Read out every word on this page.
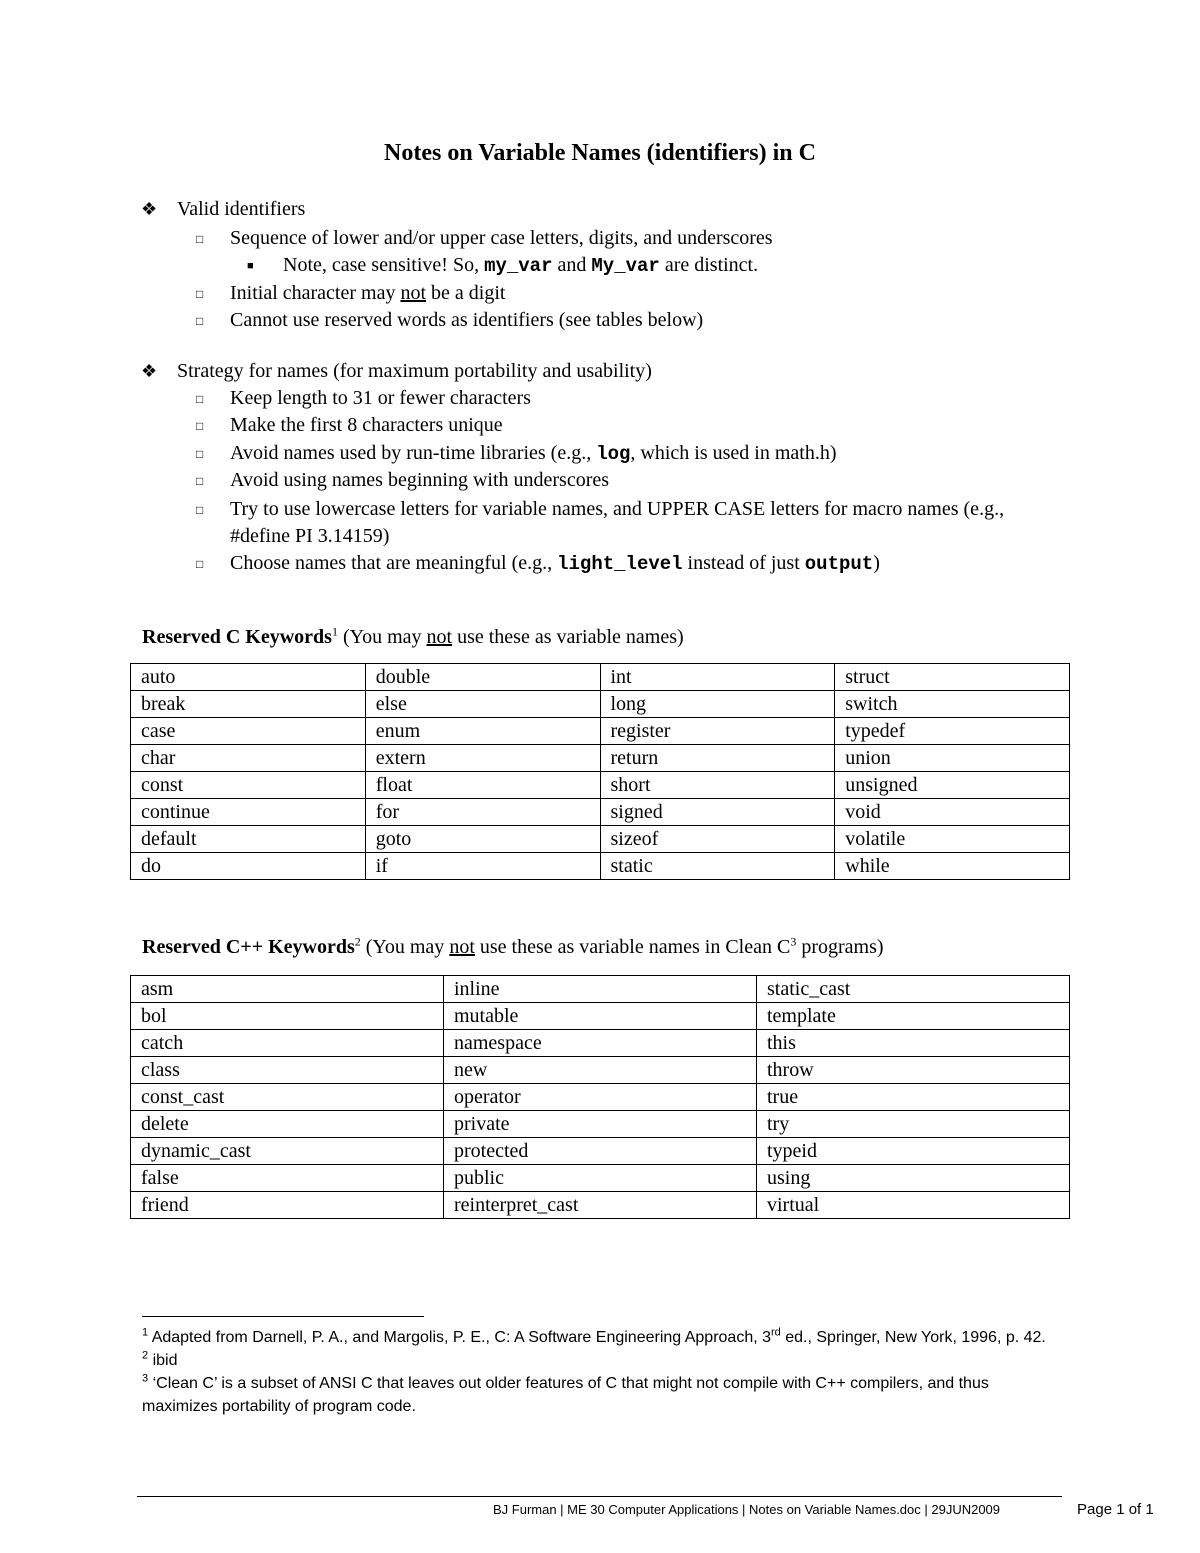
Notes on Variable Names (identifiers) in C
❖ Valid identifiers
□ Sequence of lower and/or upper case letters, digits, and underscores
■ Note, case sensitive! So, my_var and My_var are distinct.
□ Initial character may not be a digit
□ Cannot use reserved words as identifiers (see tables below)
❖ Strategy for names (for maximum portability and usability)
□ Keep length to 31 or fewer characters
□ Make the first 8 characters unique
□ Avoid names used by run-time libraries (e.g., log, which is used in math.h)
□ Avoid using names beginning with underscores
□ Try to use lowercase letters for variable names, and UPPER CASE letters for macro names (e.g., #define PI 3.14159)
□ Choose names that are meaningful (e.g., light_level instead of just output)
Reserved C Keywords$^1$ (You may not use these as variable names)
auto	double	int	struct
break	else	long	switch
case	enum	register	typedef
char	extern	return	union
const	float	short	unsigned
continue	for	signed	void
default	goto	sizeof	volatile
do	if	static	while
Reserved C++ Keywords$^2$ (You may not use these as variable names in Clean $C^3$ programs)
asm	inline	static_cast
bol	mutable	template
catch	namespace	this
class	new	throw
const_cast	operator	true
delete	private	try
dynamic_cast	protected	typeid
false	public	using
friend	reinterpret_cast	virtual

$^1$ Adapted from Darnell, P. A., and Margolis, P. E., C: A Software Engineering Approach, 3rd ed., Springer, New York, 1996, p. 42.

$^2$ ibid

$^3$ ‘Clean C’ is a subset of ANSI C that leaves out older features of C that might not compile with C++ compilers, and thus maximizes portability of program code.

BJ Furman | ME 30 Computer Applications | Notes on Variable Names.doc | 29JUN2009	Page 1 of 1
